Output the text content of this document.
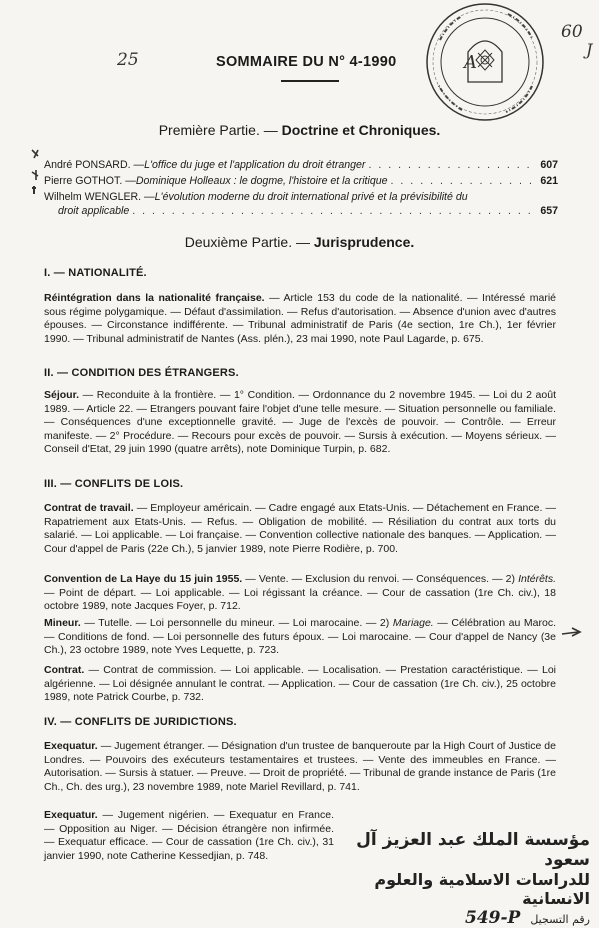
25
60
A
J
SOMMAIRE DU N° 4-1990
Première Partie. — Doctrine et Chroniques.
André PONSARD. — L'office du juge et l'application du droit étranger . . .	607
Pierre GOTHOT. — Dominique Holleaux : le dogme, l'histoire et la critique . . .	621
Wilhelm WENGLER. — L'évolution moderne du droit international privé et la prévisibilité du
droit applicable . . .	657
Deuxième Partie. — Jurisprudence.
I. — NATIONALITÉ.
Réintégration dans la nationalité française. — Article 153 du code de la nationalité. — Intéressé marié sous régime polygamique. — Défaut d'assimilation. — Refus d'autorisation. — Absence d'union avec d'autres épouses. — Circonstance indifférente. — Tribunal administratif de Paris (4e section, 1re Ch.), 1er février 1990. — Tribunal administratif de Nantes (Ass. plén.), 23 mai 1990, note Paul Lagarde, p. 675.
II. — CONDITION DES ÉTRANGERS.
Séjour. — Reconduite à la frontière. — 1° Condition. — Ordonnance du 2 novembre 1945. — Loi du 2 août 1989. — Article 22. — Etrangers pouvant faire l'objet d'une telle mesure. — Situation personnelle ou familiale. — Conséquences d'une exceptionnelle gravité. — Juge de l'excès de pouvoir. — Contrôle. — Erreur manifeste. — 2° Procédure. — Recours pour excès de pouvoir. — Sursis à exécution. — Moyens sérieux. — Conseil d'Etat, 29 juin 1990 (quatre arrêts), note Dominique Turpin, p. 682.
III. — CONFLITS DE LOIS.
Contrat de travail. — Employeur américain. — Cadre engagé aux Etats-Unis. — Détachement en France. — Rapatriement aux Etats-Unis. — Refus. — Obligation de mobilité. — Résiliation du contrat aux torts du salarié. — Loi applicable. — Loi française. — Convention collective nationale des banques. — Application. — Cour d'appel de Paris (22e Ch.), 5 janvier 1989, note Pierre Rodière, p. 700.
Convention de La Haye du 15 juin 1955. — Vente. — Exclusion du renvoi. — Conséquences. — 2) Intérêts. — Point de départ. — Loi applicable. — Loi régissant la créance. — Cour de cassation (1re Ch. civ.), 18 octobre 1989, note Jacques Foyer, p. 712.
Mineur. — Tutelle. — Loi personnelle du mineur. — Loi marocaine. — 2) Mariage. — Célébration au Maroc. — Conditions de fond. — Loi personnelle des futurs époux. — Loi marocaine. — Cour d'appel de Nancy (3e Ch.), 23 octobre 1989, note Yves Lequette, p. 723.
Contrat. — Contrat de commission. — Loi applicable. — Localisation. — Prestation caractéristique. — Loi algérienne. — Loi désignée annulant le contrat. — Application. — Cour de cassation (1re Ch. civ.), 25 octobre 1989, note Patrick Courbe, p. 732.
IV. — CONFLITS DE JURIDICTIONS.
Exequatur. — Jugement étranger. — Désignation d'un trustee de banqueroute par la High Court of Justice de Londres. — Pouvoirs des exécuteurs testamentaires et trustees. — Vente des immeubles en France. — Autorisation. — Sursis à statuer. — Preuve. — Droit de propriété. — Tribunal de grande instance de Paris (1re Ch., Ch. des urg.), 23 novembre 1989, note Mariel Revillard, p. 741.
Exequatur. — Jugement nigérien. — Exequatur en France. — Opposition au Niger. — Décision étrangère non infirmée. — Exequatur efficace. — Cour de cassation (1re Ch. civ.), 31 janvier 1990, note Catherine Kessedjian, p. 748.
مؤسسة الملك عبد العزيز آل سعود
للدراسات الاسلامية والعلوم الانسانية
549-P رقم التسجيل
